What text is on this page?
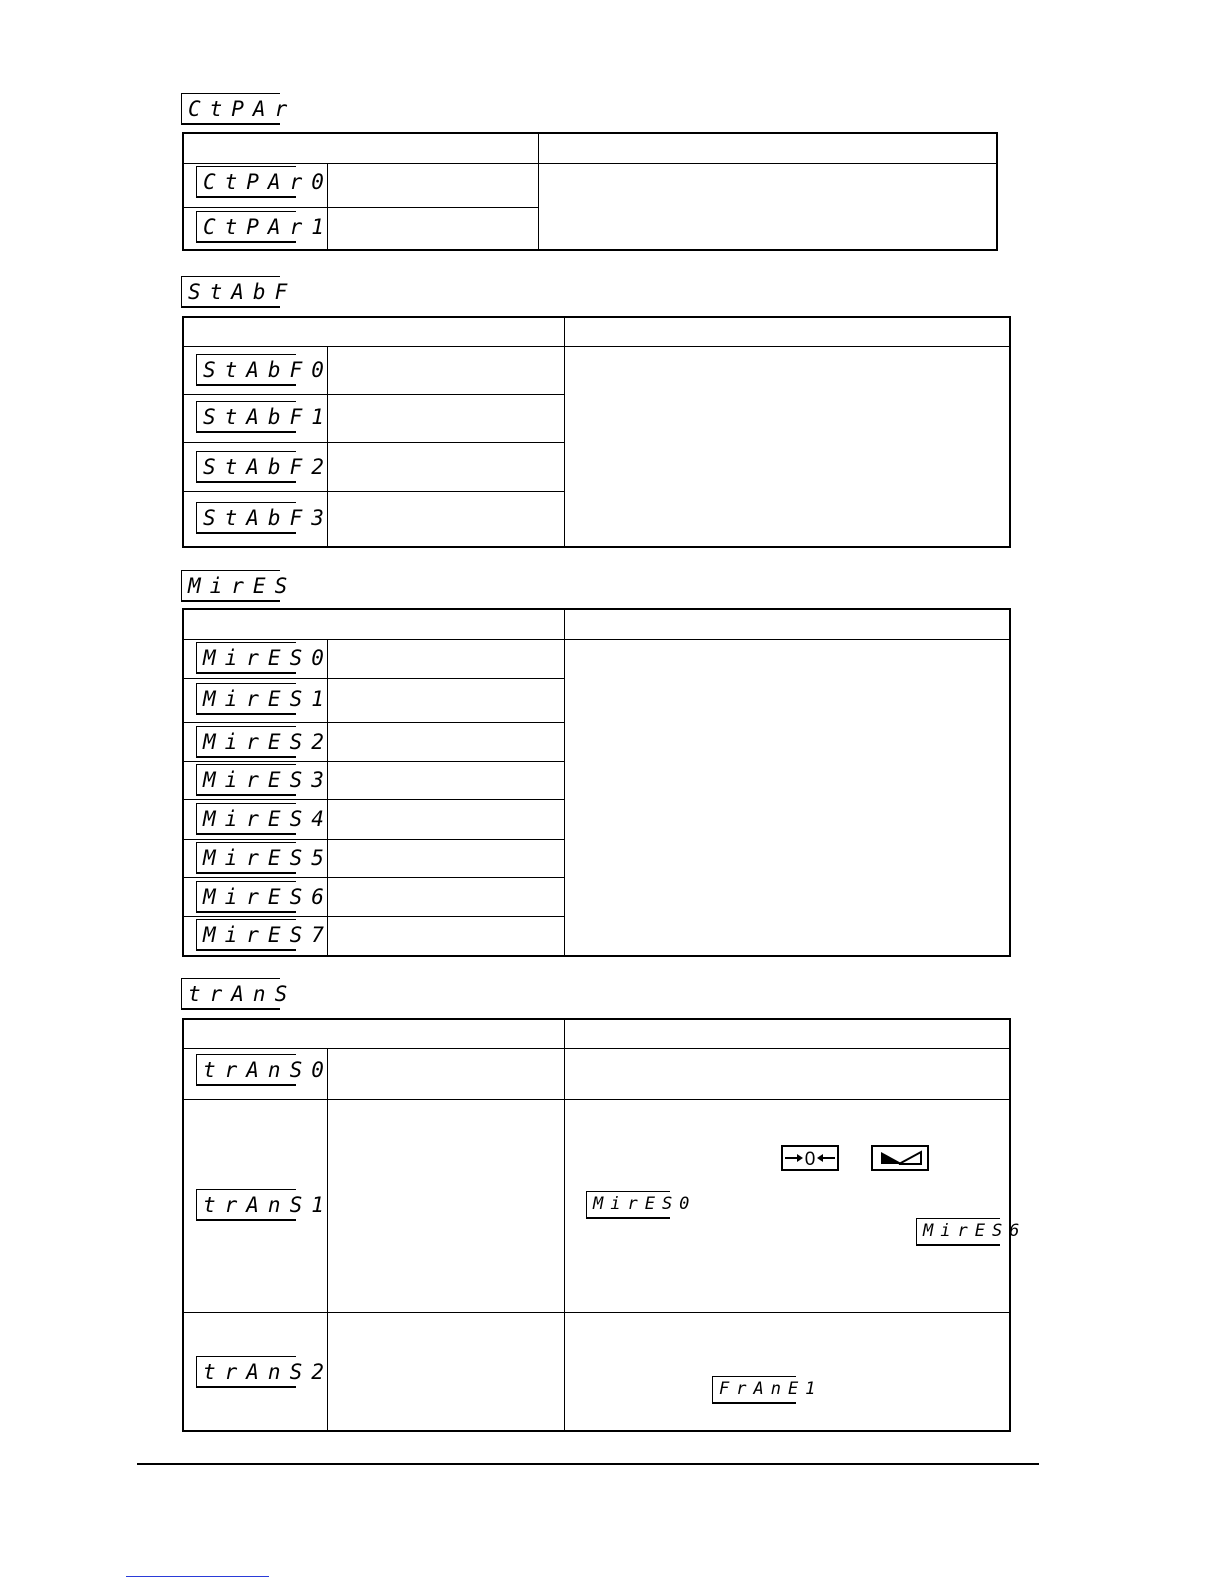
CtPAr
CtPAr0
CtPAr1
StAbF
StAbF0
StAbF1
StAbF2
StAbF3
MirES
MirES0
MirES1
MirES2
MirES3
MirES4
MirES5
MirES6
MirES7
trAnS
trAnS0
trAnS1
trAnS2
0
MirES0
MirES6
FrAnE1
